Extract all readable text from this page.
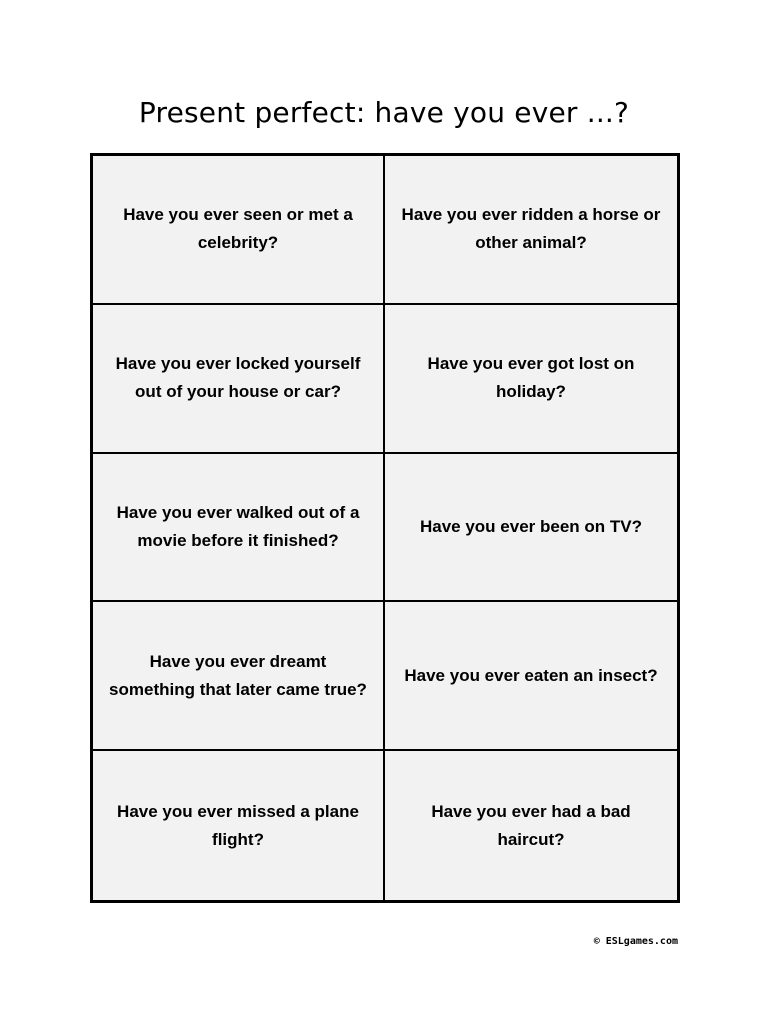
Present perfect: have you ever ...?
Have you ever seen or met a celebrity?
Have you ever ridden a horse or other animal?
Have you ever locked yourself out of your house or car?
Have you ever got lost on holiday?
Have you ever walked out of a movie before it finished?
Have you ever been on TV?
Have you ever dreamt something that later came true?
Have you ever eaten an insect?
Have you ever missed a plane flight?
Have you ever had a bad haircut?
© ESLgames.com
